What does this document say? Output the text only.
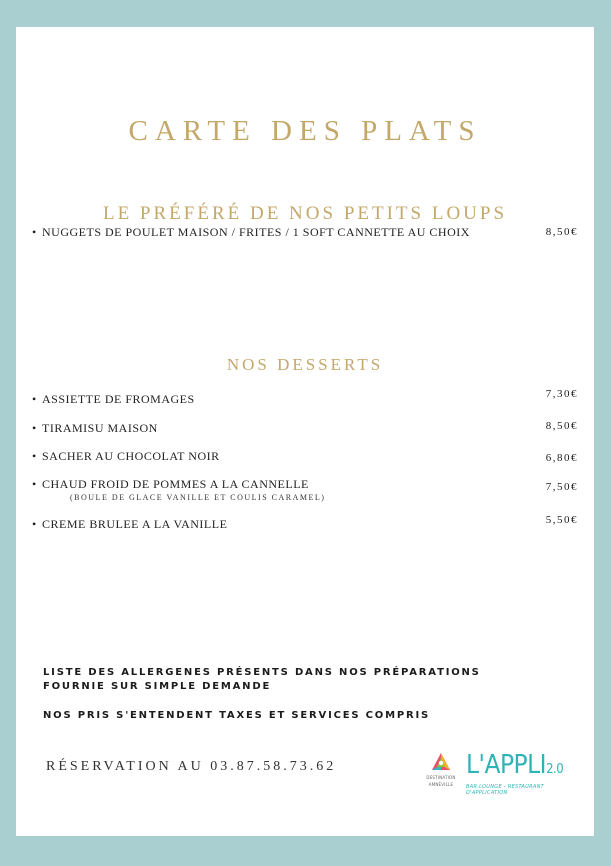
CARTE DES PLATS
LE PRÉFÉRÉ DE NOS PETITS LOUPS
• NUGGETS DE POULET MAISON / FRITES / 1 SOFT CANNETTE AU CHOIX	8,50€
NOS DESSERTS
• ASSIETTE DE FROMAGES	7,30€
• TIRAMISU MAISON	8,50€
• SACHER AU CHOCOLAT NOIR	6,80€
• CHAUD FROID DE POMMES A LA CANNELLE	7,50€
(BOULE DE GLACE VANILLE ET COULIS CARAMEL)
• CREME BRULEE A LA VANILLE	5,50€
LISTE DES ALLERGENES PRÉSENTS DANS NOS PRÉPARATIONS
FOURNIE SUR SIMPLE DEMANDE
NOS PRIS S'ENTENDENT TAXES ET SERVICES COMPRIS
RÉSERVATION AU 03.87.58.73.62
DESTINATION
AMNÉVILLE
L'APPLI2.0
BAR LOUNGE - RESTAURANT D'APPLICATION
